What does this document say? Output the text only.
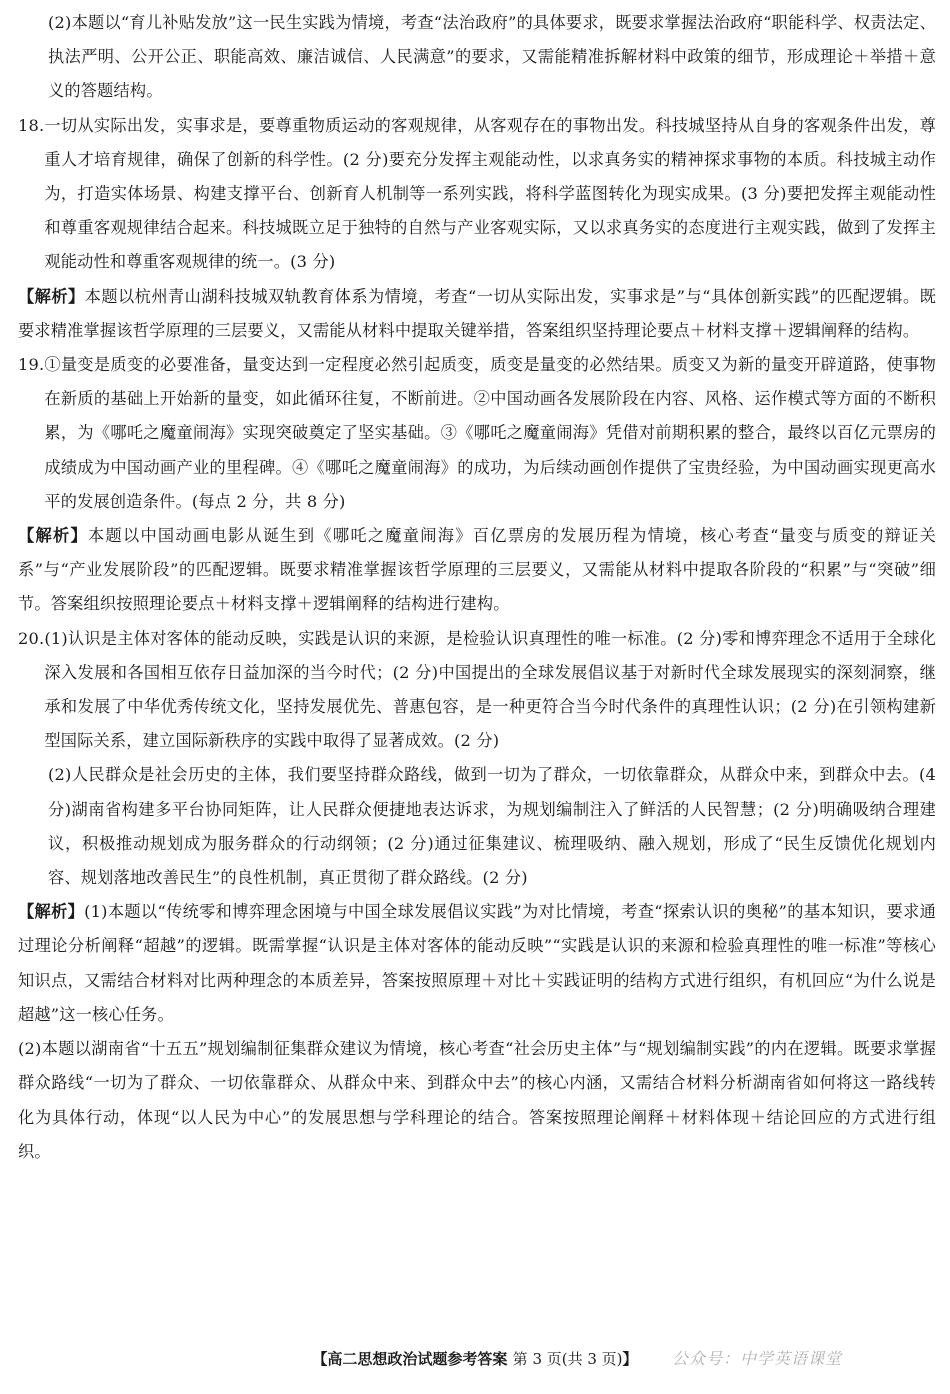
(2)本题以“育儿补贴发放”这一民生实践为情境，考查“法治政府”的具体要求，既要求掌握法治政府“职能科学、权责法定、执法严明、公开公正、职能高效、廉洁诚信、人民满意”的要求，又需能精准拆解材料中政策的细节，形成理论＋举措＋意义的答题结构。

18. 一切从实际出发，实事求是，要尊重物质运动的客观规律，从客观存在的事物出发。科技城坚持从自身的客观条件出发，尊重人才培育规律，确保了创新的科学性。(2 分)要充分发挥主观能动性，以求真务实的精神探求事物的本质。科技城主动作为，打造实体场景、构建支撑平台、创新育人机制等一系列实践，将科学蓝图转化为现实成果。(3 分)要把发挥主观能动性和尊重客观规律结合起来。科技城既立足于独特的自然与产业客观实际，又以求真务实的态度进行主观实践，做到了发挥主观能动性和尊重客观规律的统一。(3 分)

【解析】本题以杭州青山湖科技城双轨教育体系为情境，考查“一切从实际出发，实事求是”与“具体创新实践”的匹配逻辑。既要求精准掌握该哲学原理的三层要义，又需能从材料中提取关键举措，答案组织坚持理论要点＋材料支撑＋逻辑阐释的结构。

19. ①量变是质变的必要准备，量变达到一定程度必然引起质变，质变是量变的必然结果。质变又为新的量变开辟道路，使事物在新质的基础上开始新的量变，如此循环往复，不断前进。②中国动画各发展阶段在内容、风格、运作模式等方面的不断积累，为《哪吒之魔童闹海》实现突破奠定了坚实基础。③《哪吒之魔童闹海》凭借对前期积累的整合，最终以百亿元票房的成绩成为中国动画产业的里程碑。④《哪吒之魔童闹海》的成功，为后续动画创作提供了宝贵经验，为中国动画实现更高水平的发展创造条件。(每点 2 分，共 8 分)

【解析】本题以中国动画电影从诞生到《哪吒之魔童闹海》百亿票房的发展历程为情境，核心考查“量变与质变的辩证关系”与“产业发展阶段”的匹配逻辑。既要求精准掌握该哲学原理的三层要义，又需能从材料中提取各阶段的“积累”与“突破”细节。答案组织按照理论要点＋材料支撑＋逻辑阐释的结构进行建构。

20. (1)认识是主体对客体的能动反映，实践是认识的来源，是检验认识真理性的唯一标准。(2 分)零和博弈理念不适用于全球化深入发展和各国相互依存日益加深的当今时代；(2 分)中国提出的全球发展倡议基于对新时代全球发展现实的深刻洞察，继承和发展了中华优秀传统文化，坚持发展优先、普惠包容，是一种更符合当今时代条件的真理性认识；(2 分)在引领构建新型国际关系，建立国际新秩序的实践中取得了显著成效。(2 分)

(2)人民群众是社会历史的主体，我们要坚持群众路线，做到一切为了群众，一切依靠群众，从群众中来，到群众中去。(4 分)湖南省构建多平台协同矩阵，让人民群众便捷地表达诉求，为规划编制注入了鲜活的人民智慧；(2 分)明确吸纳合理建议，积极推动规划成为服务群众的行动纲领；(2 分)通过征集建议、梳理吸纳、融入规划，形成了“民生反馈优化规划内容、规划落地改善民生”的良性机制，真正贯彻了群众路线。(2 分)

【解析】(1)本题以“传统零和博弈理念困境与中国全球发展倡议实践”为对比情境，考查“探索认识的奥秘”的基本知识，要求通过理论分析阐释“超越”的逻辑。既需掌握“认识是主体对客体的能动反映”“实践是认识的来源和检验真理性的唯一标准”等核心知识点，又需结合材料对比两种理念的本质差异，答案按照原理＋对比＋实践证明的结构方式进行组织，有机回应“为什么说是超越”这一核心任务。

(2)本题以湖南省“十五五”规划编制征集群众建议为情境，核心考查“社会历史主体”与“规划编制实践”的内在逻辑。既要求掌握群众路线“一切为了群众、一切依靠群众、从群众中来、到群众中去”的核心内涵，又需结合材料分析湖南省如何将这一路线转化为具体行动，体现“以人民为中心”的发展思想与学科理论的结合。答案按照理论阐释＋材料体现＋结论回应的方式进行组织。

【高二思想政治试题参考答案 第 3 页(共 3 页)】	公众号：中学英语课堂
